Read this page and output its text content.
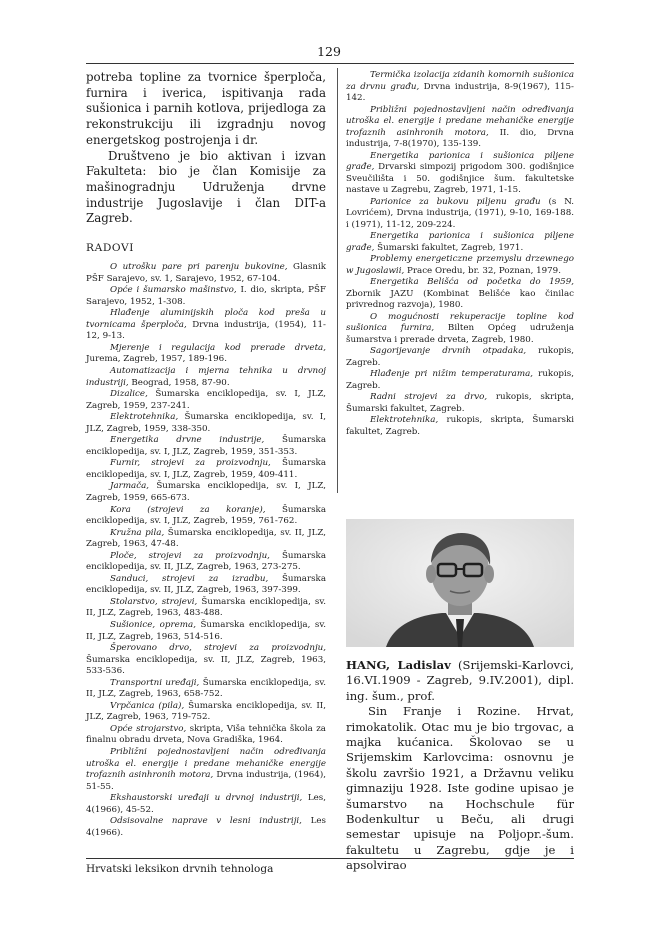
129

potreba topline za tvornice šperploča, furnira i iverica, ispitivanja rada sušionica i parnih kotlova, prijedloga za rekonstrukciju ili izgradnju novog energetskog postrojenja i dr.

Društveno je bio aktivan i izvan Fakulteta: bio je član Komisije za mašinogradnju Udruženja drvne industrije Jugoslavije i član DIT-a Zagreb.

RADOVI

O utrošku pare pri parenju bukovine, Glasnik PŠF Sarajevo, sv. 1, Sarajevo, 1952, 67-104.

Opće i šumarsko mašinstvo, I. dio, skripta, PŠF Sarajevo, 1952, 1-308.

Hlađenje aluminijskih ploča kod preša u tvornicama šperploča, Drvna industrija, (1954), 11-12, 9-13.

Mjerenje i regulacija kod prerade drveta, Jurema, Zagreb, 1957, 189-196.

Automatizacija i mjerna tehnika u drvnoj industriji, Beograd, 1958, 87-90.

Dizalice, Šumarska enciklopedija, sv. I, JLZ, Zagreb, 1959, 237-241.

Elektrotehnika, Šumarska enciklopedija, sv. I, JLZ, Zagreb, 1959, 338-350.

Energetika drvne industrije, Šumarska enciklopedija, sv. I, JLZ, Zagreb, 1959, 351-353.

Furnir, strojevi za proizvodnju, Šumarska enciklopedija, sv. I, JLZ, Zagreb, 1959, 409-411.

Jarmača, Šumarska enciklopedija, sv. I, JLZ, Zagreb, 1959, 665-673.

Kora (strojevi za koranje), Šumarska enciklopedija, sv. I, JLZ, Zagreb, 1959, 761-762.

Kružna pila, Šumarska enciklopedija, sv. II, JLZ, Zagreb, 1963, 47-48.

Ploče, strojevi za proizvodnju, Šumarska enciklopedija, sv. II, JLZ, Zagreb, 1963, 273-275.

Sanduci, strojevi za izradbu, Šumarska enciklopedija, sv. II, JLZ, Zagreb, 1963, 397-399.

Stolarstvo, strojevi, Šumarska enciklopedija, sv. II, JLZ, Zagreb, 1963, 483-488.

Sušionice, oprema, Šumarska enciklopedija, sv. II, JLZ, Zagreb, 1963, 514-516.

Šperovano drvo, strojevi za proizvodnju, Šumarska enciklopedija, sv. II, JLZ, Zagreb, 1963, 533-536.

Transportni uređaji, Šumarska enciklopedija, sv. II, JLZ, Zagreb, 1963, 658-752.

Vrpčanica (pila), Šumarska enciklopedija, sv. II, JLZ, Zagreb, 1963, 719-752.

Opće strojarstvo, skripta, Viša tehnička škola za finalnu obradu drveta, Nova Gradiška, 1964.

Približni pojednostavljeni način određivanja utroška el. energije i predane mehaničke energije trofaznih asinhronih motora, Drvna industrija, (1964), 51-55.

Ekshaustorski uređaji u drvnoj industriji, Les, 4(1966), 45-52.

Odsisovalne naprave v lesni industriji, Les 4(1966).

Termička izolacija zidanih komornih sušionica za drvnu građu, Drvna industrija, 8-9(1967), 115-142.

Približni pojednostavljeni način određivanja utroška el. energije i predane mehaničke energije trofaznih asinhronih motora, II. dio, Drvna industrija, 7-8(1970), 135-139.

Energetika parionica i sušionica piljene građe, Drvarski simpozij prigodom 300. godišnjice Sveučilišta i 50. godišnjice šum. fakultetske nastave u Zagrebu, Zagreb, 1971, 1-15.

Parionice za bukovu piljenu građu (s N. Lovrićem), Drvna industrija, (1971), 9-10, 169-188. i (1971), 11-12, 209-224.

Energetika parionica i sušionica piljene građe, Šumarski fakultet, Zagreb, 1971.

Problemy energeticzne przemyslu drzewnego w Jugoslawii, Prace Oredu, br. 32, Poznan, 1979.

Energetika Belišća od početka do 1959, Zbornik JAZU (Kombinat Belišće kao činilac privrednog razvoja), 1980.

O mogućnosti rekuperacije topline kod sušionica furnira, Bilten Općeg udruženja šumarstva i prerade drveta, Zagreb, 1980.

Sagorijevanje drvnih otpadaka, rukopis, Zagreb.

Hlađenje pri nižim temperaturama, rukopis, Zagreb.

Radni strojevi za drvo, rukopis, skripta, Šumarski fakultet, Zagreb.

Elektrotehnika, rukopis, skripta, Šumarski fakultet, Zagreb.

HANG, Ladislav (Srijemski-Karlovci, 16.VI.1909 - Zagreb, 9.IV.2001), dipl. ing. šum., prof.

Sin Franje i Rozine. Hrvat, rimokatolik. Otac mu je bio trgovac, a majka kućanica. Školovao se u Srijemskim Karlovcima: osnovnu je školu završio 1921, a Državnu veliku gimnaziju 1928. Iste godine upisao je šumarstvo na Hochschule für Bodenkultur u Beču, ali drugi semestar upisuje na Poljopr.-šum. fakultetu u Zagrebu, gdje je i apsolvirao

Hrvatski leksikon drvnih tehnologa
